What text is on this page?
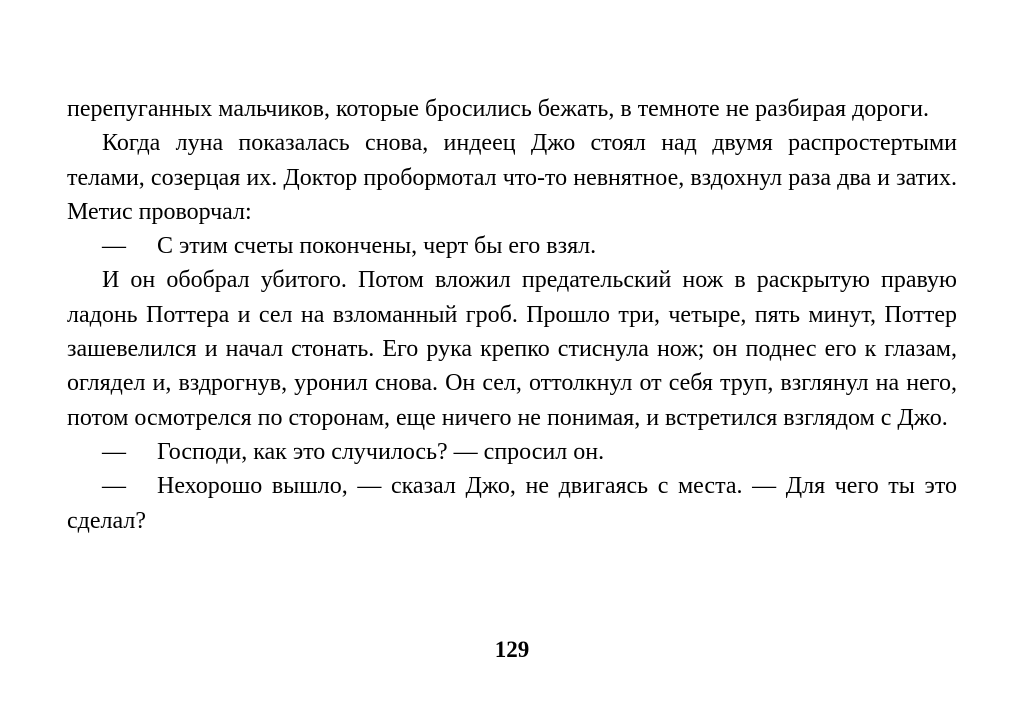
перепуганных мальчиков, которые бросились бежать, в темноте не разбирая дороги.

Когда луна показалась снова, индеец Джо стоял над двумя распростертыми телами, созерцая их. Доктор пробормотал что-то невнятное, вздохнул раза два и затих. Метис проворчал:

— С этим счеты покончены, черт бы его взял.

И он обобрал убитого. Потом вложил предательский нож в раскрытую правую ладонь Поттера и сел на взломанный гроб. Прошло три, четыре, пять минут, Поттер зашевелился и начал стонать. Его рука крепко стиснула нож; он поднес его к глазам, оглядел и, вздрогнув, уронил снова. Он сел, оттолкнул от себя труп, взглянул на него, потом осмотрелся по сторонам, еще ничего не понимая, и встретился взглядом с Джо.

— Господи, как это случилось? — спросил он.

— Нехорошо вышло, — сказал Джо, не двигаясь с места. — Для чего ты это сделал?

129
